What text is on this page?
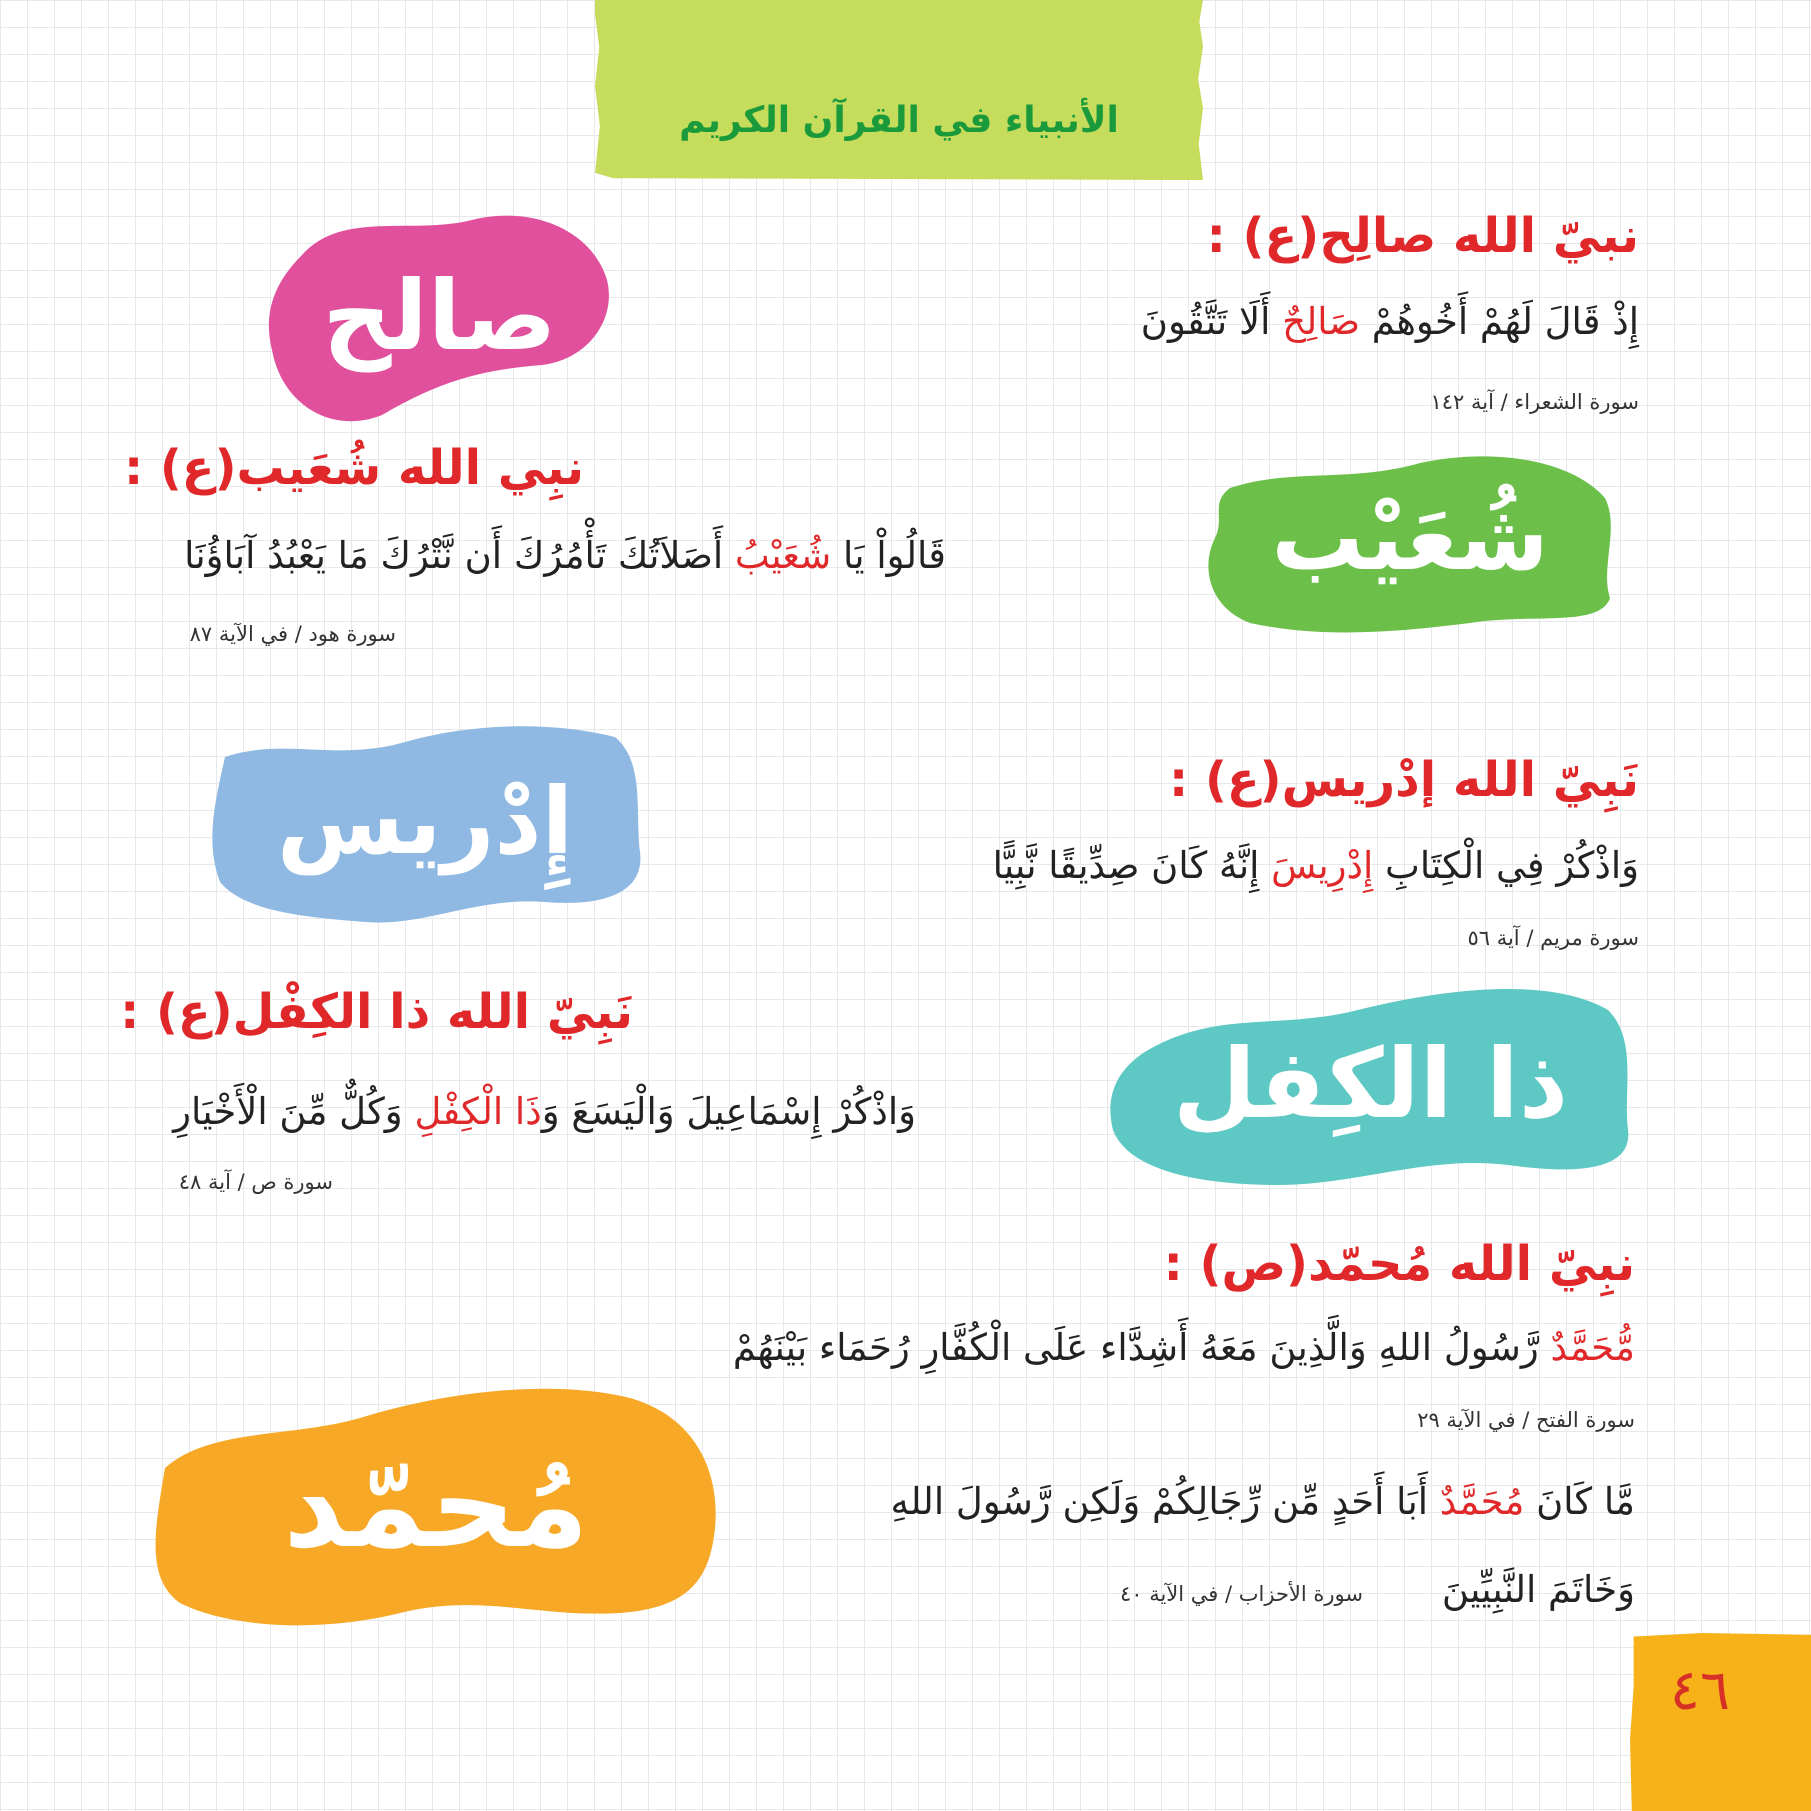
الأنبياء في القرآن الكريم
نبيّ الله صالِح(ع) :
إِذْ قَالَ لَهُمْ أَخُوهُمْ صَالِحٌ أَلَا تَتَّقُونَ
سورة الشعراء / آية ١٤٢
صالح
نبِي الله شُعَيب(ع) :
قَالُواْ يَا شُعَيْبُ أَصَلاَتُكَ تَأْمُرُكَ أَن نَّتْرُكَ مَا يَعْبُدُ آبَاؤُنَا
سورة هود / في الآية ٨٧
شُعَيْب
نَبِيّ الله إدْريس(ع) :
وَاذْكُرْ فِي الْكِتَابِ إِدْرِيسَ إِنَّهُ كَانَ صِدِّيقًا نَّبِيًّا
سورة مريم / آية ٥٦
إِدْريس
نَبِيّ الله ذا الكِفْل(ع) :
وَاذْكُرْ إِسْمَاعِيلَ وَالْيَسَعَ وَذَا الْكِفْلِ وَكُلٌّ مِّنَ الْأَخْيَارِ
سورة ص / آية ٤٨
ذا الكِفل
نبِيّ الله مُحمّد(ص) :
مُّحَمَّدٌ رَّسُولُ اللهِ وَالَّذِينَ مَعَهُ أَشِدَّاء عَلَى الْكُفَّارِ رُحَمَاء بَيْنَهُمْ
سورة الفتح / في الآية ٢٩
مَّا كَانَ مُحَمَّدٌ أَبَا أَحَدٍ مِّن رِّجَالِكُمْ وَلَكِن رَّسُولَ اللهِ
وَخَاتَمَ النَّبِيِّينَ
سورة الأحزاب / في الآية ٤٠
مُحمّد
٤٦
